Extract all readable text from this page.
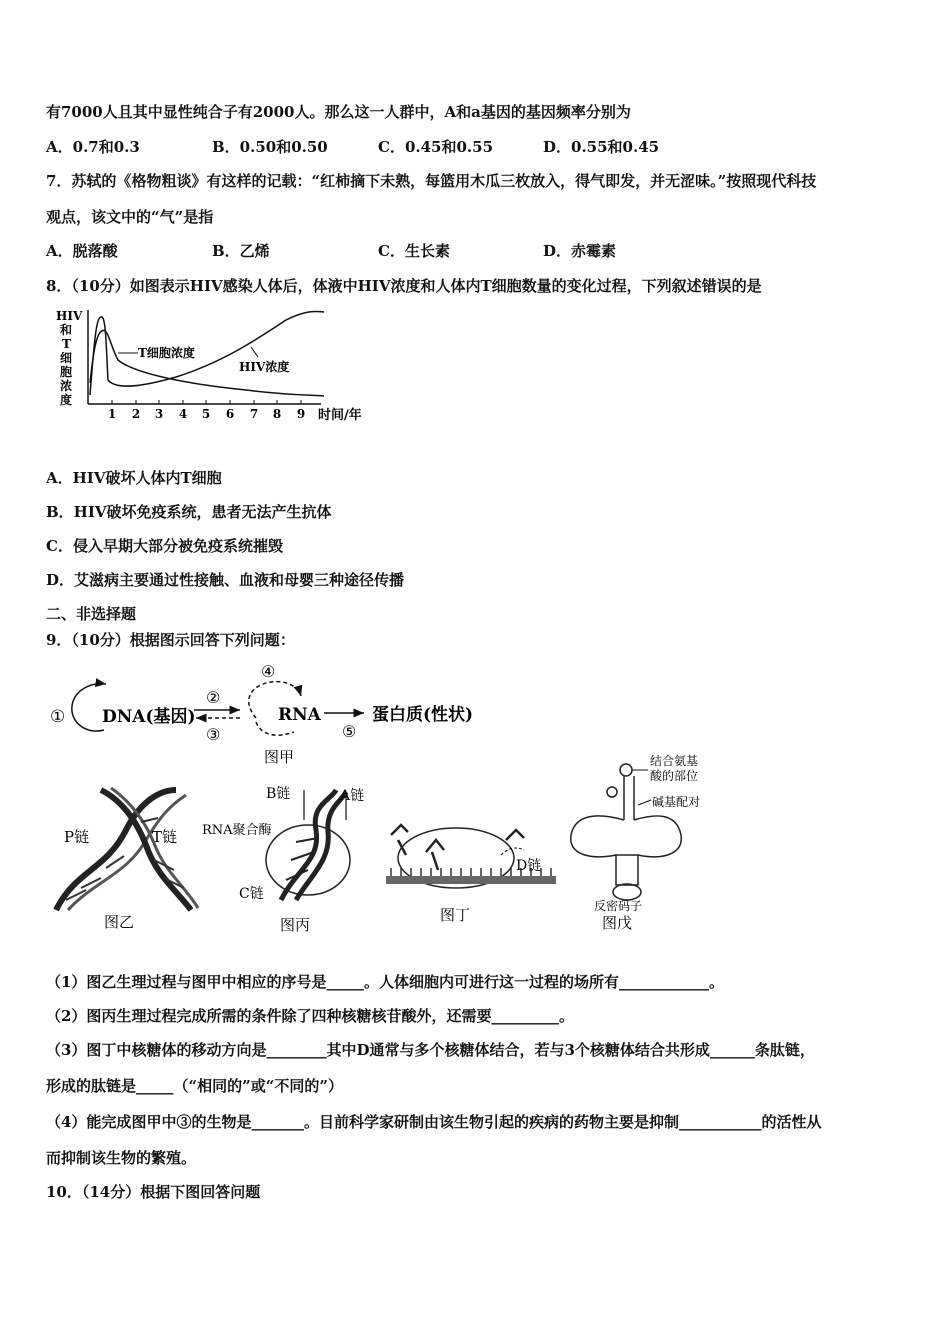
有7000人且其中显性纯合子有2000人。那么这一人群中，A和a基因的基因频率分别为
A．0.7和0.3	B．0.50和0.50	C．0.45和0.55	D．0.55和0.45
7．苏轼的《格物粗谈》有这样的记载：“红柿摘下未熟，每篮用木瓜三枚放入，得气即发，并无涩味。”按照现代科技
观点，该文中的“气”是指
A．脱落酸	B．乙烯	C．生长素	D．赤霉素
8．（10分）如图表示HIV感染人体后，体液中HIV浓度和人体内T细胞数量的变化过程，下列叙述错误的是
HIV
和
T
细
胞
浓
度
1 2 3 4 5 6 7 8 9 时间/年
T细胞浓度
HIV浓度
A．HIV破坏人体内T细胞
B．HIV破坏免疫系统，患者无法产生抗体
C．侵入早期大部分被免疫系统摧毁
D．艾滋病主要通过性接触、血液和母婴三种途径传播
二、非选择题
9．（10分）根据图示回答下列问题：
① DNA(基因)
②
③
④
RNA
⑤
蛋白质(性状)
图甲
P链	T链
图乙
B链	A链
RNA聚合酶
C链
图丙
D链
图丁
结合氨基
酸的部位
碱基配对
反密码子
图戊
（1）图乙生理过程与图甲中相应的序号是_____。人体细胞内可进行这一过程的场所有____________。
（2）图丙生理过程完成所需的条件除了四种核糖核苷酸外，还需要_________。
（3）图丁中核糖体的移动方向是________其中D通常与多个核糖体结合，若与3个核糖体结合共形成______条肽链，
形成的肽链是_____（“相同的”或“不同的”）
（4）能完成图甲中③的生物是_______。目前科学家研制由该生物引起的疾病的药物主要是抑制___________的活性从
而抑制该生物的繁殖。
10．（14分）根据下图回答问题
